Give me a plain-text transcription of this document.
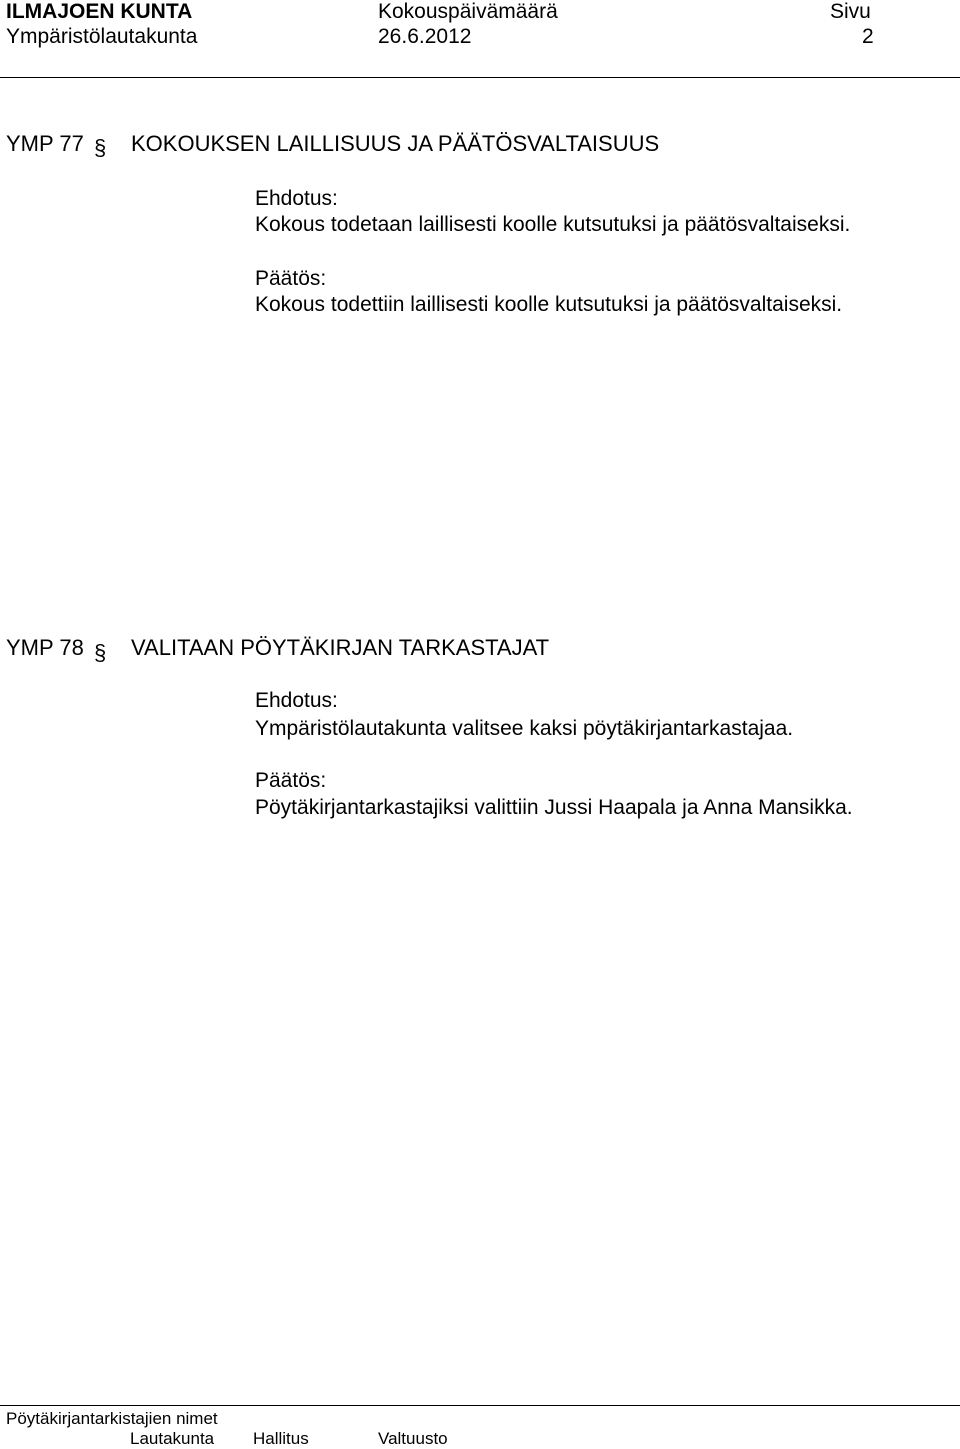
ILMAJOEN KUNTA
Ympäristölautakunta
Kokouspäivämäärä
26.6.2012
Sivu
2
YMP 77 § KOKOUKSEN LAILLISUUS JA PÄÄTÖSVALTAISUUS
Ehdotus:
Kokous todetaan laillisesti koolle kutsutuksi ja päätösvaltaiseksi.
Päätös:
Kokous todettiin laillisesti koolle kutsutuksi ja päätösvaltaiseksi.
YMP 78 § VALITAAN PÖYTÄKIRJAN TARKASTAJAT
Ehdotus:
Ympäristölautakunta valitsee kaksi pöytäkirjantarkastajaa.
Päätös:
Pöytäkirjantarkastajiksi valittiin Jussi Haapala ja Anna Mansikka.
Pöytäkirjantarkistajien nimet
Lautakunta Hallitus	Valtuusto
